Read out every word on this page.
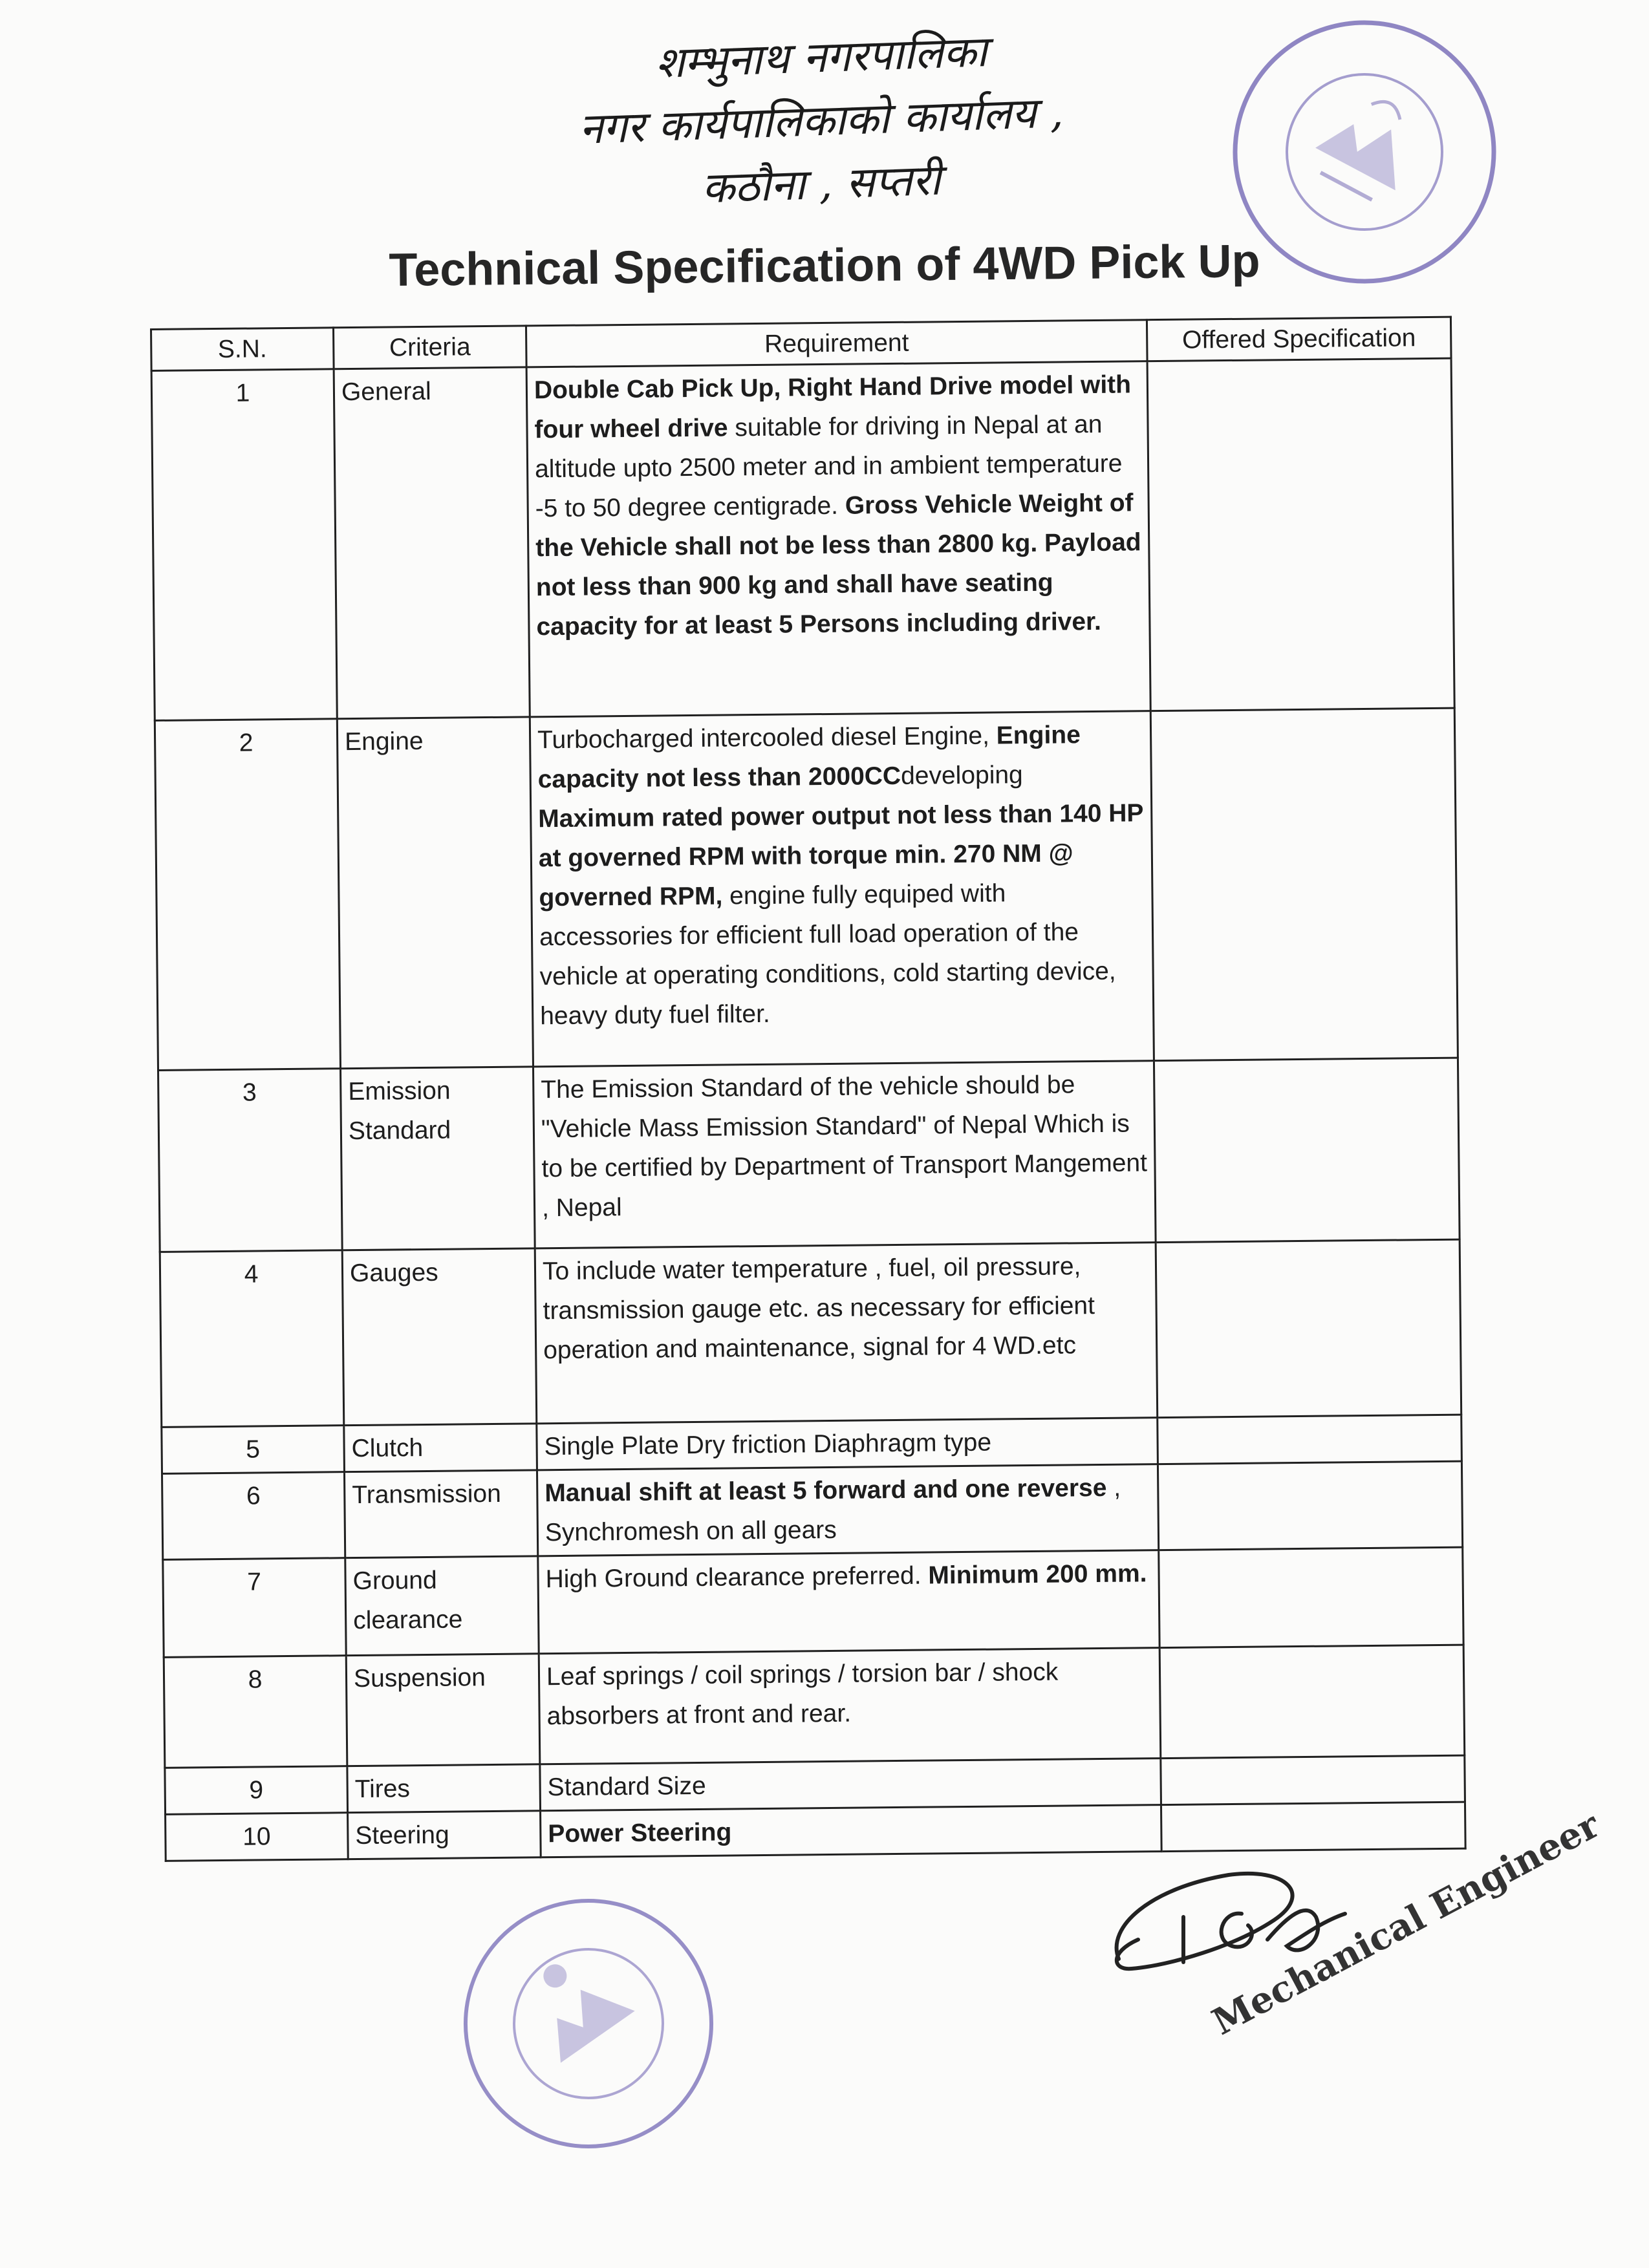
शम्भुनाथ नगरपालिका
नगर कार्यपालिकाको कार्यालय ,
कठौना , सप्तरी
Technical Specification of 4WD Pick Up
S.N.	Criteria	Requirement	Offered Specification
1	General	Double Cab Pick Up, Right Hand Drive model with four wheel drive suitable for driving in Nepal at an altitude upto 2500 meter and in ambient temperature -5 to 50 degree centigrade. Gross Vehicle Weight of the Vehicle shall not be less than 2800 kg. Payload not less than 900 kg and shall have seating capacity for at least 5 Persons including driver.	
2	Engine	Turbocharged intercooled diesel Engine, Engine capacity not less than 2000CCdeveloping Maximum rated power output not less than 140 HP at governed RPM with torque min. 270 NM @ governed RPM, engine fully equiped with accessories for efficient full load operation of the vehicle at operating conditions, cold starting device, heavy duty fuel filter.	
3	Emission Standard	The Emission Standard of the vehicle should be "Vehicle Mass Emission Standard" of Nepal Which is to be certified by Department of Transport Mangement , Nepal	
4	Gauges	To include water temperature , fuel, oil pressure, transmission gauge etc. as necessary for efficient operation and maintenance, signal for 4 WD.etc	
5	Clutch	Single Plate Dry friction Diaphragm type	
6	Transmission	Manual shift at least 5 forward and one reverse , Synchromesh on all gears	
7	Ground clearance	High Ground clearance preferred. Minimum 200 mm.	
8	Suspension	Leaf springs / coil springs / torsion bar / shock absorbers at front and rear.	
9	Tires	Standard Size	
10	Steering	Power Steering		Mechanical Engineer
